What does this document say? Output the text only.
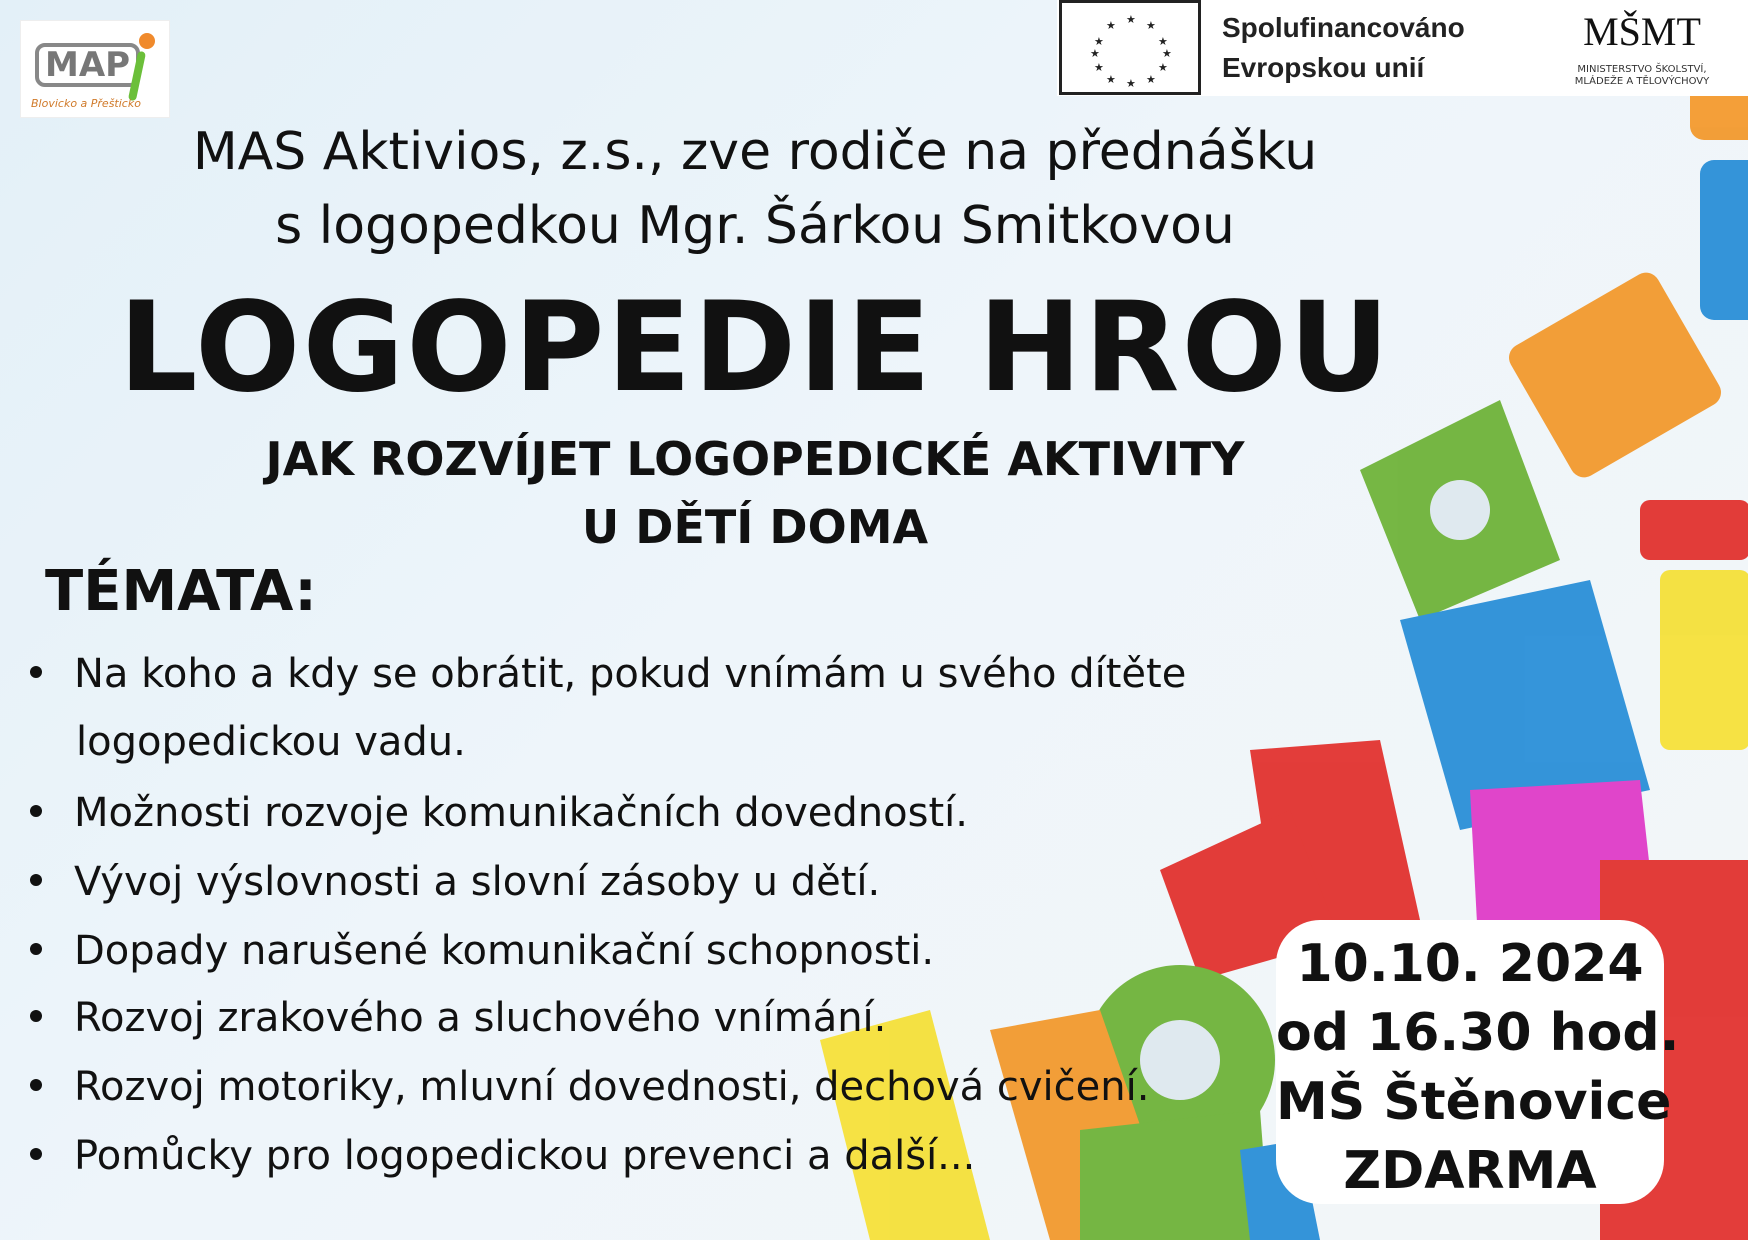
MAP
Blovicko a Přešticko
★ ★
★
★
★
★
★
★
★
★
★ ★
Spolufinancováno
Evropskou unií
MŠMT
MINISTERSTVO ŠKOLSTVÍ,
MLÁDEŽE A TĚLOVÝCHOVY
MAS Aktivios, z.s., zve rodiče na přednášku
s logopedkou Mgr. Šárkou Smitkovou
LOGOPEDIE HROU
JAK ROZVÍJET LOGOPEDICKÉ AKTIVITY
U DĚTÍ DOMA
TÉMATA:
Na koho a kdy se obrátit, pokud vnímám u svého dítěte
logopedickou vadu.
Možnosti rozvoje komunikačních dovedností.
Vývoj výslovnosti a slovní zásoby u dětí.
Dopady narušené komunikační schopnosti.
Rozvoj zrakového a sluchového vnímání.
Rozvoj motoriky, mluvní dovednosti, dechová cvičení.
Pomůcky pro logopedickou prevenci a další...
10.10. 2024
od 16.30 hod.
MŠ Štěnovice
ZDARMA
